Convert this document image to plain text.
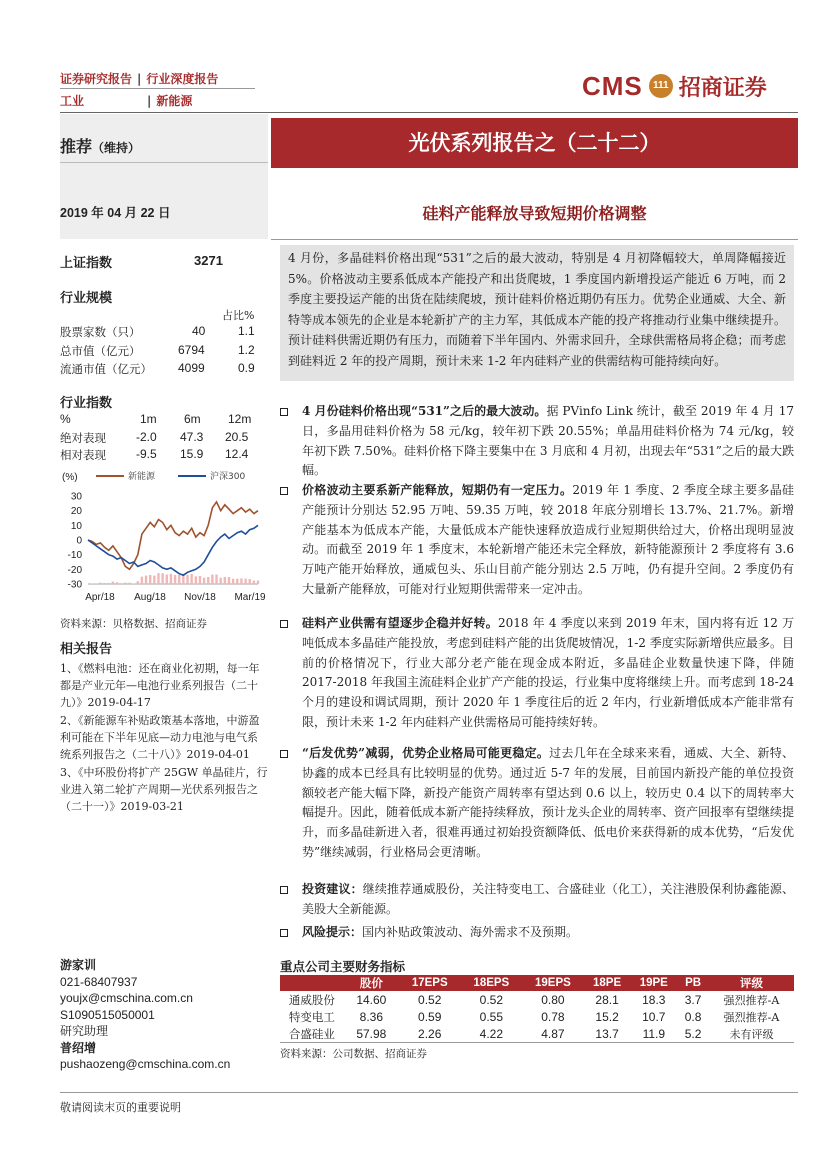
证券研究报告 | 行业深度报告
工业	| 新能源
CMS	111 招商证券
推荐（维持）
2019 年 04 月 22 日
光伏系列报告之（二十二）
硅料产能释放导致短期价格调整
上证指数	3271
行业规模
占比%
股票家数（只）	40	1.1
总市值（亿元）	6794	1.2
流通市值（亿元） 4099	0.9
行业指数
%	1m 6m 12m
绝对表现	-2.0 47.3 20.5
相对表现	-9.5 15.9 12.4
(%)	新能源	沪深300
30
20
10
0
-10
-20
-30
Apr/18 Aug/18 Nov/18 Mar/19
资料来源：贝格数据、招商证券
相关报告
1、《燃料电池：还在商业化初期，每一年都是产业元年—电池行业系列报告（二十九）》2019-04-17
2、《新能源车补贴政策基本落地，中游盈利可能在下半年见底—动力电池与电气系统系列报告之（二十八）》2019-04-01
3、《中环股份将扩产 25GW 单晶硅片，行业进入第二轮扩产周期—光伏系列报告之（二十一）》2019-03-21
游家训
021-68407937
youjx@cmschina.com.cn
S1090515050001
研究助理
普绍增
pushaozeng@cmschina.com.cn
4 月份，多晶硅料价格出现“531”之后的最大波动，特别是 4 月初降幅较大，单周降幅接近 5%。价格波动主要系低成本产能投产和出货爬坡，1 季度国内新增投运产能近 6 万吨，而 2 季度主要投运产能的出货在陆续爬坡，预计硅料价格近期仍有压力。优势企业通威、大全、新特等成本领先的企业是本轮新扩产的主力军，其低成本产能的投产将推动行业集中继续提升。预计硅料供需近期仍有压力，而随着下半年国内、外需求回升，全球供需格局将企稳；而考虑到硅料近 2 年的投产周期，预计未来 1-2 年内硅料产业的供需结构可能持续向好。
4 月份硅料价格出现“531”之后的最大波动。据 PVinfo Link 统计，截至 2019 年 4 月 17 日，多晶用硅料价格为 58 元/kg，较年初下跌 20.55%；单晶用硅料价格为 74 元/kg，较年初下跌 7.50%。硅料价格下降主要集中在 3 月底和 4 月初，出现去年“531”之后的最大跌幅。
价格波动主要系新产能释放，短期仍有一定压力。2019 年 1 季度、2 季度全球主要多晶硅产能预计分别达 52.95 万吨、59.35 万吨，较 2018 年底分别增长 13.7%、21.7%。新增产能基本为低成本产能，大量低成本产能快速释放造成行业短期供给过大，价格出现明显波动。而截至 2019 年 1 季度末，本轮新增产能还未完全释放，新特能源预计 2 季度将有 3.6 万吨产能开始释放，通威包头、乐山目前产能分别达 2.5 万吨，仍有提升空间。2 季度仍有大量新产能释放，可能对行业短期供需带来一定冲击。
硅料产业供需有望逐步企稳并好转。2018 年 4 季度以来到 2019 年末，国内将有近 12 万吨低成本多晶硅产能投放，考虑到硅料产能的出货爬坡情况，1-2 季度实际新增供应最多。目前的价格情况下，行业大部分老产能在现金成本附近，多晶硅企业数量快速下降，伴随 2017-2018 年我国主流硅料企业扩产产能的投运，行业集中度将继续上升。而考虑到 18-24 个月的建设和调试周期，预计 2020 年 1 季度往后的近 2 年内，行业新增低成本产能非常有限，预计未来 1-2 年内硅料产业供需格局可能持续好转。
“后发优势”减弱，优势企业格局可能更稳定。过去几年在全球来来看，通威、大全、新特、协鑫的成本已经具有比较明显的优势。通过近 5-7 年的发展，目前国内新投产能的单位投资额较老产能大幅下降，新投产能资产周转率有望达到 0.6 以上，较历史 0.4 以下的周转率大幅提升。因此，随着低成本新产能持续释放，预计龙头企业的周转率、资产回报率有望继续提升，而多晶硅新进入者，很难再通过初始投资额降低、低电价来获得新的成本优势，“后发优势”继续减弱，行业格局会更清晰。
投资建议：继续推荐通威股份，关注特变电工、合盛硅业（化工），关注港股保利协鑫能源、美股大全新能源。
风险提示：国内补贴政策波动、海外需求不及预期。
重点公司主要财务指标
	股价	17EPS	18EPS	19EPS	18PE	19PE	PB	评级
通威股份	14.60	0.52	0.52	0.80	28.1	18.3	3.7	强烈推荐-A
特变电工	8.36	0.59	0.55	0.78	15.2	10.7	0.8	强烈推荐-A
合盛硅业	57.98	2.26	4.22	4.87	13.7	11.9	5.2	未有评级
资料来源：公司数据、招商证券
敬请阅读末页的重要说明
